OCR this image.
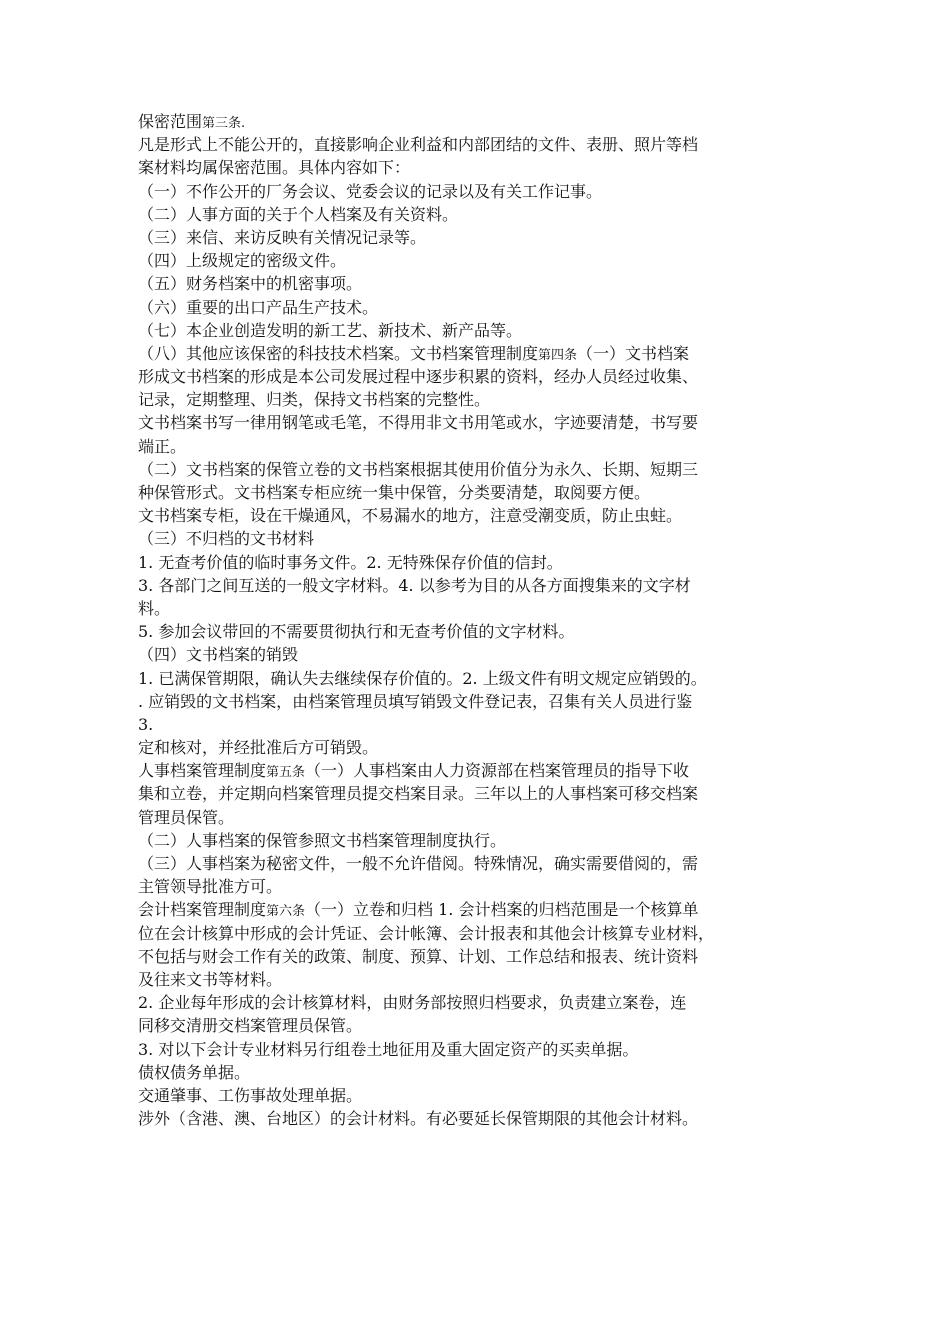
保密范围第三条.
凡是形式上不能公开的，直接影响企业利益和内部团结的文件、表册、照片等档
案材料均属保密范围。具体内容如下：
（一）不作公开的厂务会议、党委会议的记录以及有关工作记事。
（二）人事方面的关于个人档案及有关资料。
（三）来信、来访反映有关情况记录等。
（四）上级规定的密级文件。
（五）财务档案中的机密事项。
（六）重要的出口产品生产技术。
（七）本企业创造发明的新工艺、新技术、新产品等。
（八）其他应该保密的科技技术档案。文书档案管理制度第四条（一）文书档案
形成文书档案的形成是本公司发展过程中逐步积累的资料，经办人员经过收集、
记录，定期整理、归类，保持文书档案的完整性。
文书档案书写一律用钢笔或毛笔，不得用非文书用笔或水，字迹要清楚，书写要
端正。
（二）文书档案的保管立卷的文书档案根据其使用价值分为永久、长期、短期三
种保管形式。文书档案专柜应统一集中保管，分类要清楚，取阅要方便。
文书档案专柜，设在干燥通风，不易漏水的地方，注意受潮变质，防止虫蛀。
（三）不归档的文书材料
1. 无查考价值的临时事务文件。2. 无特殊保存价值的信封。
3. 各部门之间互送的一般文字材料。4. 以参考为目的从各方面搜集来的文字材
料。
5. 参加会议带回的不需要贯彻执行和无查考价值的文字材料。
（四）文书档案的销毁
1. 已满保管期限，确认失去继续保存价值的。2. 上级文件有明文规定应销毁的。
. 应销毁的文书档案，由档案管理员填写销毁文件登记表，召集有关人员进行鉴
3.
定和核对，并经批准后方可销毁。
人事档案管理制度第五条（一）人事档案由人力资源部在档案管理员的指导下收
集和立卷，并定期向档案管理员提交档案目录。三年以上的人事档案可移交档案
管理员保管。
（二）人事档案的保管参照文书档案管理制度执行。
（三）人事档案为秘密文件，一般不允许借阅。特殊情况，确实需要借阅的，需
主管领导批准方可。
会计档案管理制度第六条（一）立卷和归档 1. 会计档案的归档范围是一个核算单
位在会计核算中形成的会计凭证、会计帐簿、会计报表和其他会计核算专业材料，
不包括与财会工作有关的政策、制度、预算、计划、工作总结和报表、统计资料
及往来文书等材料。
2. 企业每年形成的会计核算材料，由财务部按照归档要求，负责建立案卷，连
同移交清册交档案管理员保管。
3. 对以下会计专业材料另行组卷土地征用及重大固定资产的买卖单据。
债权债务单据。
交通肇事、工伤事故处理单据。
涉外（含港、澳、台地区）的会计材料。有必要延长保管期限的其他会计材料。
